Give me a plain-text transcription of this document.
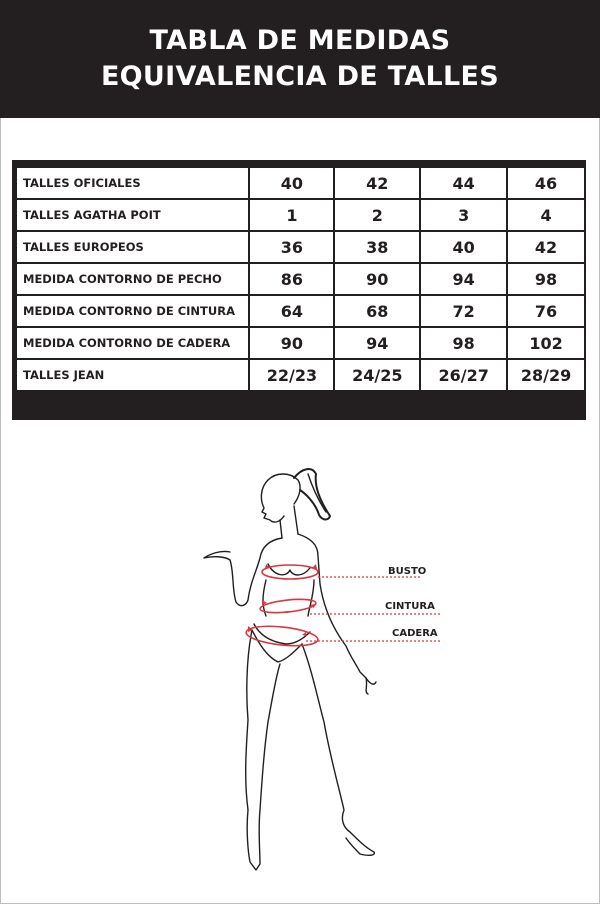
TABLA DE MEDIDAS
EQUIVALENCIA DE TALLES
TALLES OFICIALES	40	42	44	46
TALLES AGATHA POIT	1	2	3	4
TALLES EUROPEOS	36	38	40	42
MEDIDA CONTORNO DE PECHO	86	90	94	98
MEDIDA CONTORNO DE CINTURA	64	68	72	76
MEDIDA CONTORNO DE CADERA	90	94	98	102
TALLES JEAN	22/23	24/25	26/27	28/29
BUSTO
CINTURA
CADERA
